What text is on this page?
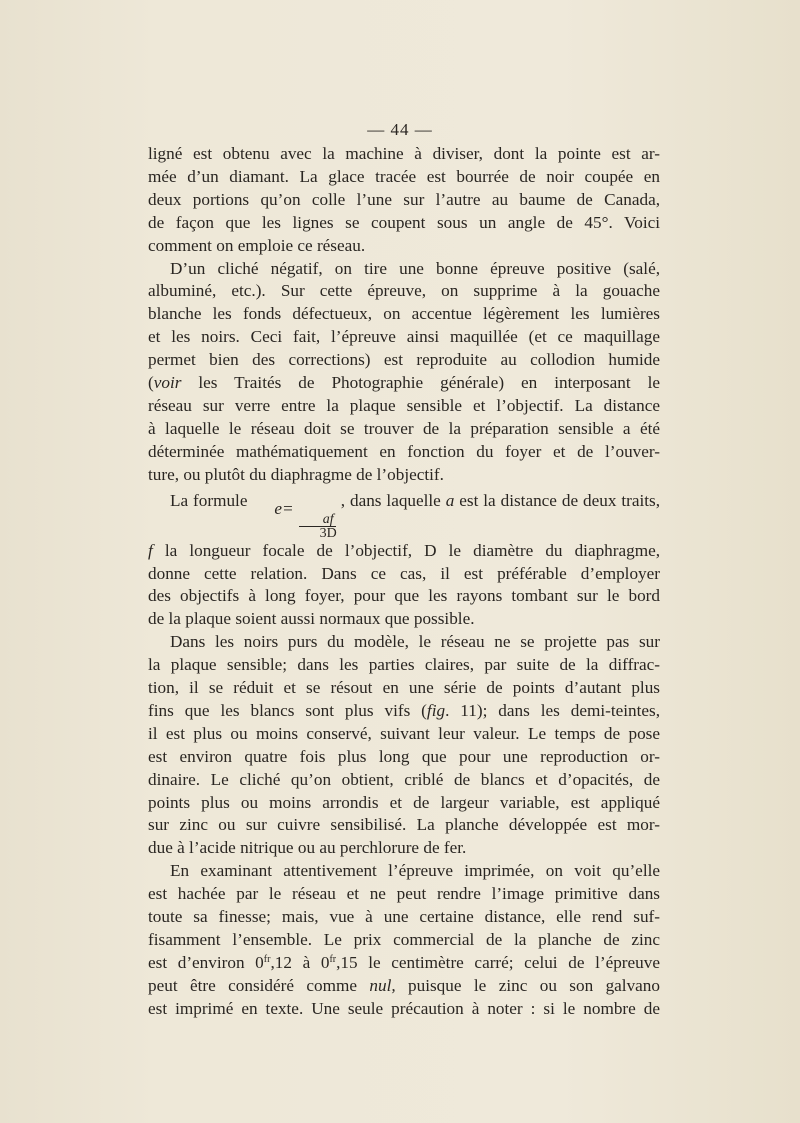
— 44 —

ligné est obtenu avec la machine à diviser, dont la pointe est ar-
mée d’un diamant. La glace tracée est bourrée de noir coupée en
deux portions qu’on colle l’une sur l’autre au baume de Canada,
de façon que les lignes se coupent sous un angle de 45°. Voici
comment on emploie ce réseau.

D’un cliché négatif, on tire une bonne épreuve positive (salé,
albuminé, etc.). Sur cette épreuve, on supprime à la gouache
blanche les fonds défectueux, on accentue légèrement les lumières
et les noirs. Ceci fait, l’épreuve ainsi maquillée (et ce maquillage
permet bien des corrections) est reproduite au collodion humide
(voir les Traités de Photographie générale) en interposant le
réseau sur verre entre la plaque sensible et l’objectif. La distance
à laquelle le réseau doit se trouver de la préparation sensible a été
déterminée mathématiquement en fonction du foyer et de l’ouver-
ture, ou plutôt du diaphragme de l’objectif.

La formule e=
$\frac{af}{3D}$
, dans laquelle a est la distance de deux traits,
f la longueur focale de l’objectif, D le diamètre du diaphragme,
donne cette relation. Dans ce cas, il est préférable d’employer
des objectifs à long foyer, pour que les rayons tombant sur le bord
de la plaque soient aussi normaux que possible.

Dans les noirs purs du modèle, le réseau ne se projette pas sur
la plaque sensible; dans les parties claires, par suite de la diffrac-
tion, il se réduit et se résout en une série de points d’autant plus
fins que les blancs sont plus vifs (fig. 11); dans les demi-teintes,
il est plus ou moins conservé, suivant leur valeur. Le temps de pose
est environ quatre fois plus long que pour une reproduction or-
dinaire. Le cliché qu’on obtient, criblé de blancs et d’opacités, de
points plus ou moins arrondis et de largeur variable, est appliqué
sur zinc ou sur cuivre sensibilisé. La planche développée est mor-
due à l’acide nitrique ou au perchlorure de fer.

En examinant attentivement l’épreuve imprimée, on voit qu’elle
est hachée par le réseau et ne peut rendre l’image primitive dans
toute sa finesse; mais, vue à une certaine distance, elle rend suf-
fisamment l’ensemble. Le prix commercial de la planche de zinc
est d’environ $0^{fr},12$ à $0^{fr},15$ le centimètre carré; celui de l’épreuve
peut être considéré comme nul, puisque le zinc ou son galvano
est imprimé en texte. Une seule précaution à noter : si le nombre de
